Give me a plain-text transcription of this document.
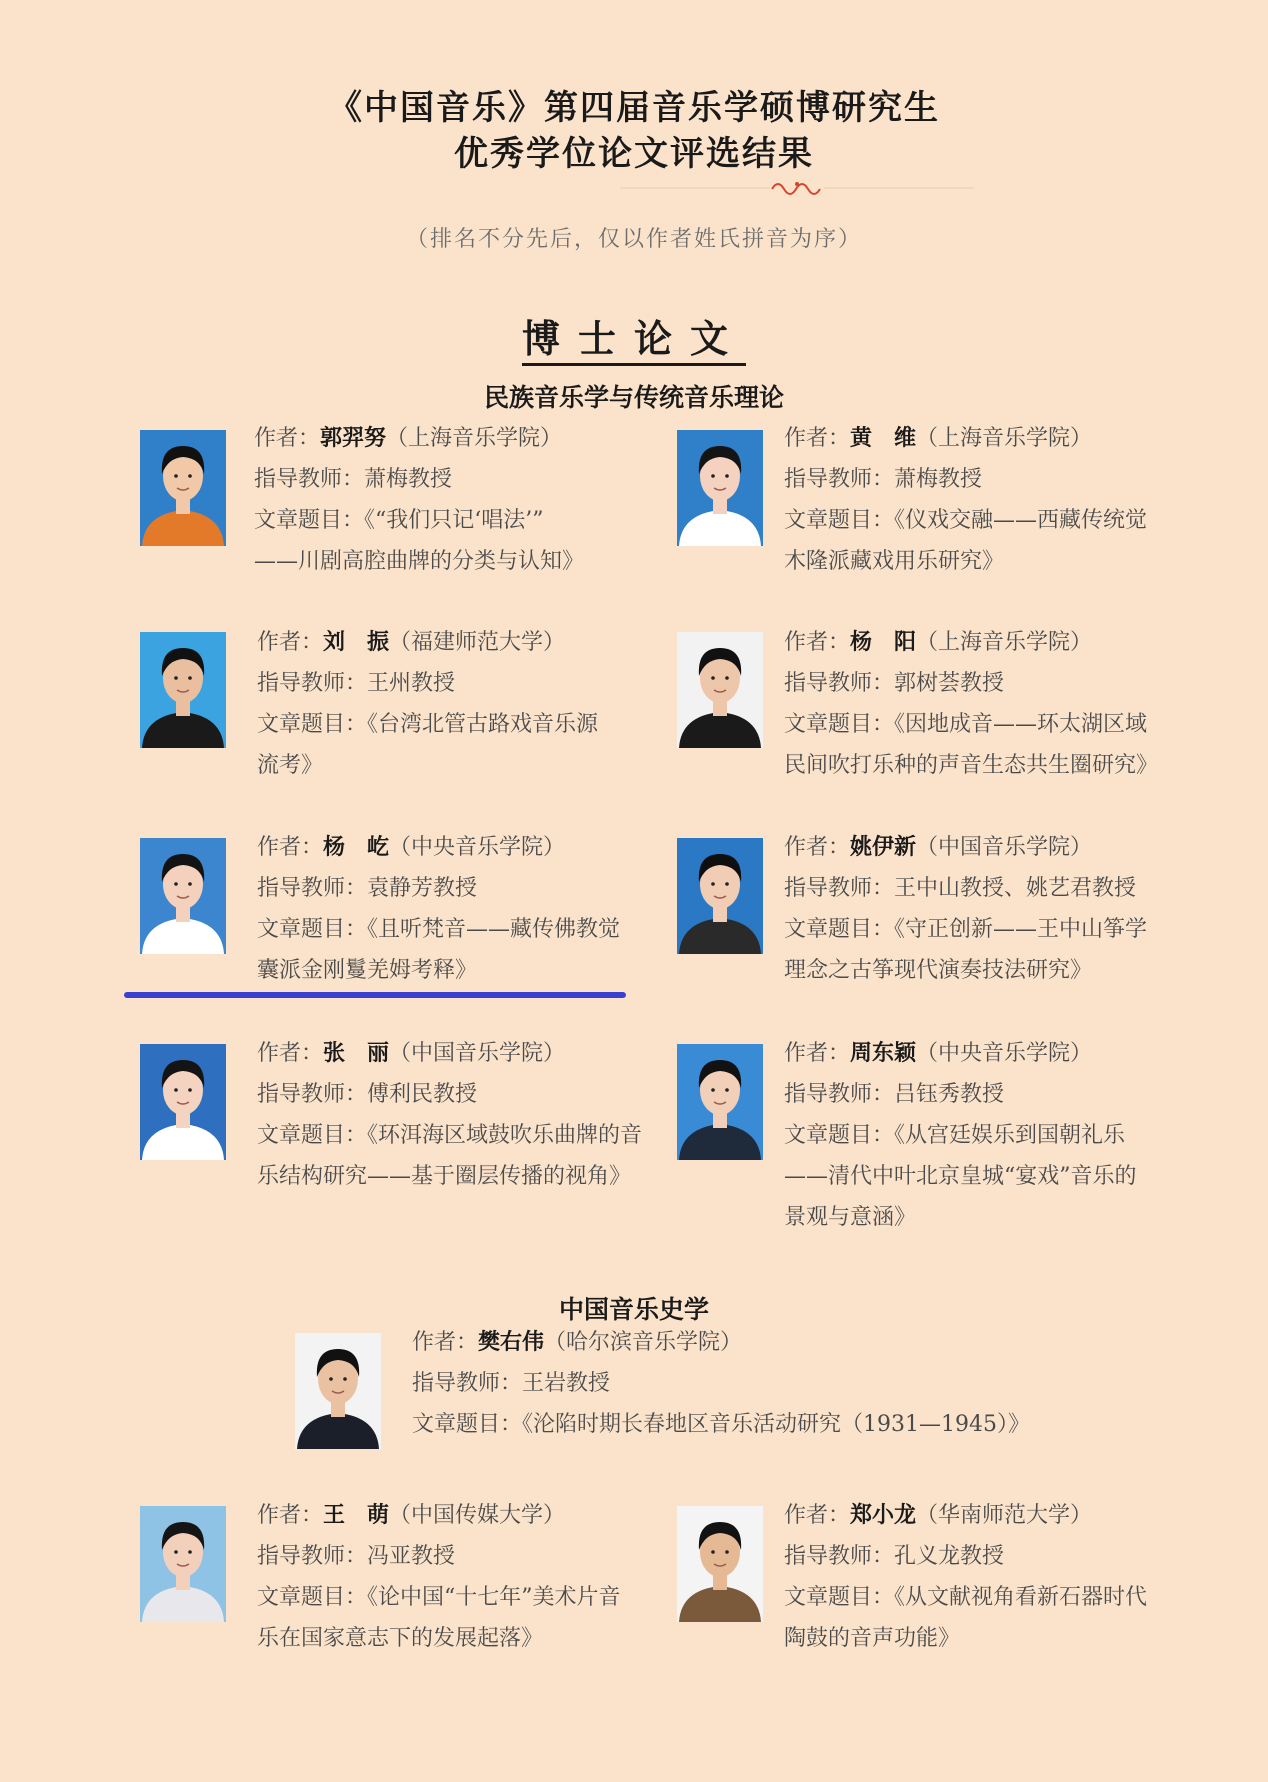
《中国音乐》第四届音乐学硕博研究生
优秀学位论文评选结果
（排名不分先后，仅以作者姓氏拼音为序）
博士论文
民族音乐学与传统音乐理论
作者：郭羿努（上海音乐学院）
指导教师：萧梅教授
文章题目：《“我们只记‘唱法’”
——川剧高腔曲牌的分类与认知》
作者：黄　维（上海音乐学院）
指导教师：萧梅教授
文章题目：《仪戏交融——西藏传统觉
木隆派藏戏用乐研究》
作者：刘　振（福建师范大学）
指导教师：王州教授
文章题目：《台湾北管古路戏音乐源
流考》
作者：杨　阳（上海音乐学院）
指导教师：郭树荟教授
文章题目：《因地成音——环太湖区域
民间吹打乐种的声音生态共生圈研究》
作者：杨　屹（中央音乐学院）
指导教师：袁静芳教授
文章题目：《且听梵音——藏传佛教觉
囊派金刚鬘羌姆考释》
作者：姚伊新（中国音乐学院）
指导教师：王中山教授、姚艺君教授
文章题目：《守正创新——王中山筝学
理念之古筝现代演奏技法研究》
作者：张　丽（中国音乐学院）
指导教师：傅利民教授
文章题目：《环洱海区域鼓吹乐曲牌的音
乐结构研究——基于圈层传播的视角》
作者：周东颖（中央音乐学院）
指导教师：吕钰秀教授
文章题目：《从宫廷娱乐到国朝礼乐
——清代中叶北京皇城“宴戏”音乐的
景观与意涵》
中国音乐史学
作者：樊右伟（哈尔滨音乐学院）
指导教师：王岩教授
文章题目：《沦陷时期长春地区音乐活动研究（1931—1945）》
作者：王　萌（中国传媒大学）
指导教师：冯亚教授
文章题目：《论中国“十七年”美术片音
乐在国家意志下的发展起落》
作者：郑小龙（华南师范大学）
指导教师：孔义龙教授
文章题目：《从文献视角看新石器时代
陶鼓的音声功能》
